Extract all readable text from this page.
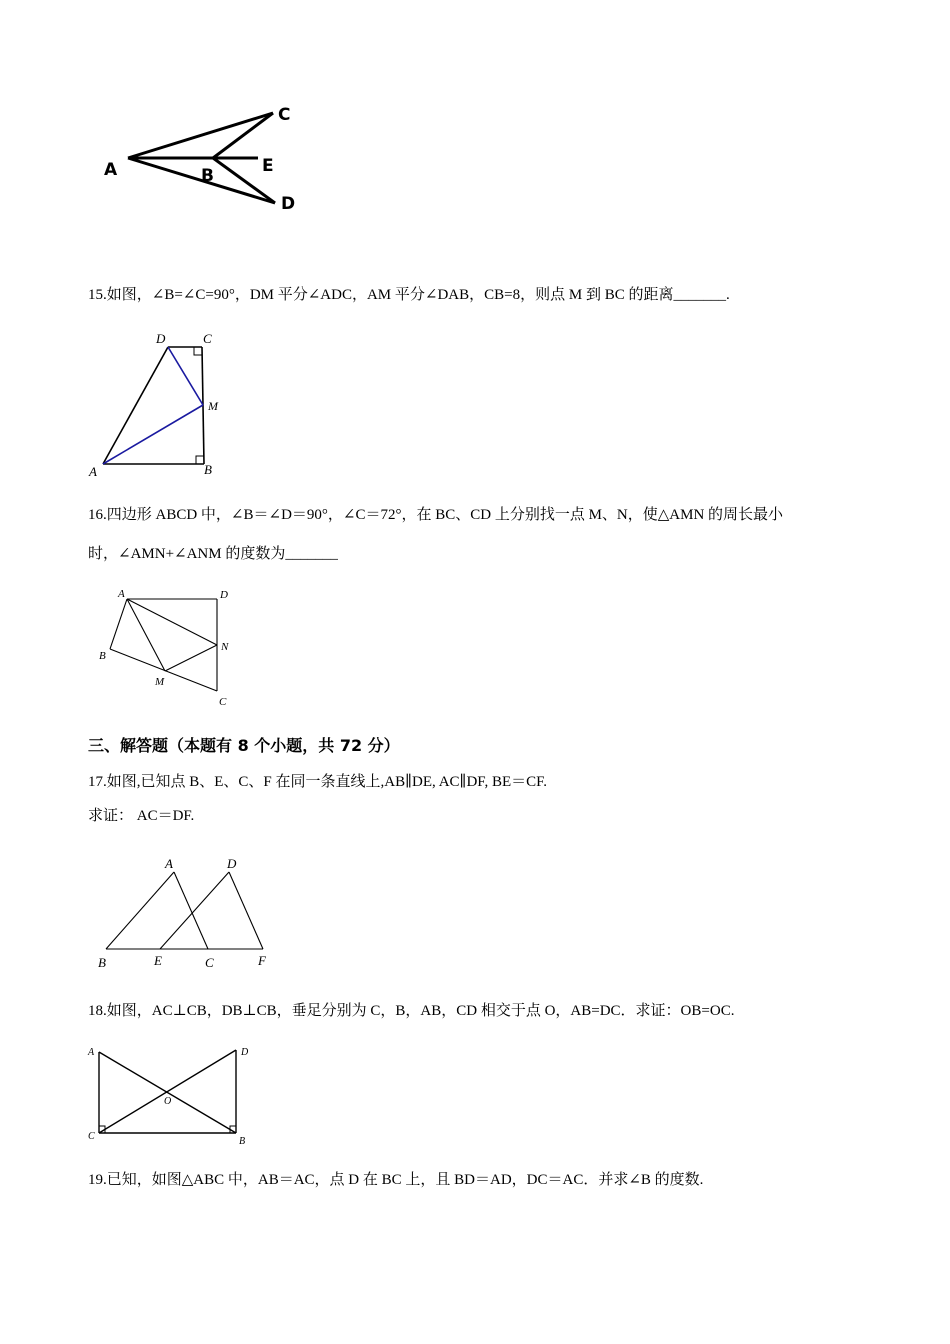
A	B
C
E
D
15.如图，∠B=∠C=90°，DM 平分∠ADC，AM 平分∠DAB，CB=8，则点 M 到 BC 的距离_______.
D	C
M
A	B
16.四边形 ABCD 中，∠B＝∠D＝90°，∠C＝72°，在 BC、CD 上分别找一点 M、N，使△AMN 的周长最小
时，∠AMN+∠ANM 的度数为_______
A	D
B
N
M
C
三、解答题（本题有 8 个小题，共 72 分）
17.如图,已知点 B、E、C、F 在同一条直线上,AB∥DE, AC∥DF, BE＝CF.
求证： AC＝DF.
A	D
B	E	C	F
18.如图，AC⊥CB，DB⊥CB，垂足分别为 C，B，AB，CD 相交于点 O，AB=DC．求证：OB=OC.
A	D
O
C	B
19.已知，如图△ABC 中，AB＝AC，点 D 在 BC 上，且 BD＝AD，DC＝AC．并求∠B 的度数.
